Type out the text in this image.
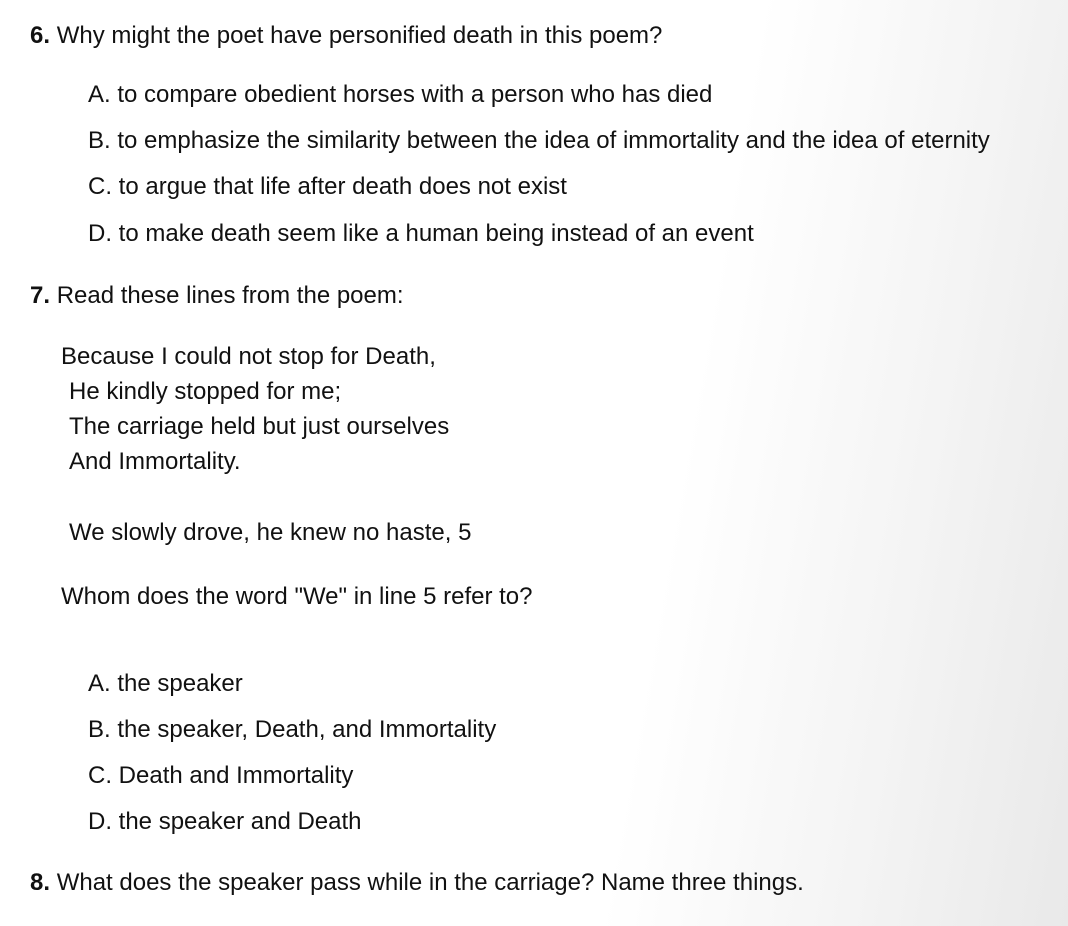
6. Why might the poet have personified death in this poem?
A. to compare obedient horses with a person who has died
B. to emphasize the similarity between the idea of immortality and the idea of eternity
C. to argue that life after death does not exist
D. to make death seem like a human being instead of an event
7. Read these lines from the poem:
Because I could not stop for Death,
He kindly stopped for me;
The carriage held but just ourselves
And Immortality.
We slowly drove, he knew no haste, 5
Whom does the word "We" in line 5 refer to?
A. the speaker
B. the speaker, Death, and Immortality
C. Death and Immortality
D. the speaker and Death
8. What does the speaker pass while in the carriage? Name three things.
